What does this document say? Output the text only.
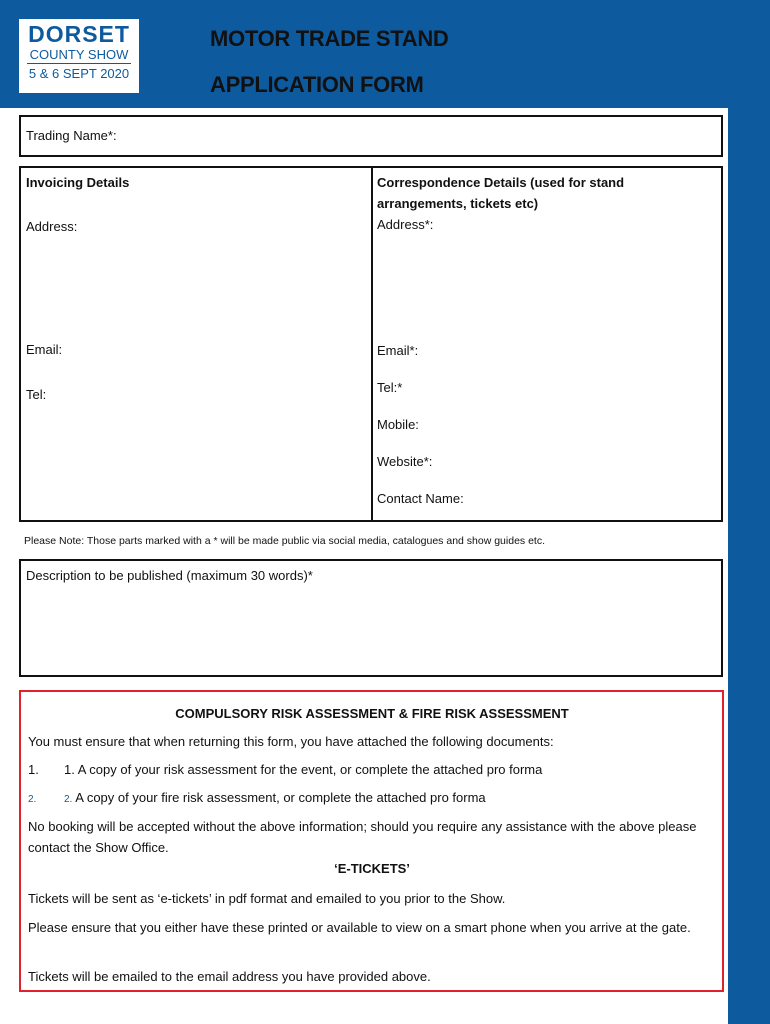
DORSET
COUNTY SHOW
5 & 6 SEPT 2020
MOTOR TRADE STAND
APPLICATION FORM
Trading Name*:
Invoicing Details
Address:
Email:
Tel:
Correspondence Details (used for stand
arrangements, tickets etc)
Address*:
Email*:
Tel:*
Mobile:
Website*:
Contact Name:
Please Note: Those parts marked with a * will be made public via social media, catalogues and show guides etc.
Description to be published (maximum 30 words)*
COMPULSORY RISK ASSESSMENT & FIRE RISK ASSESSMENT
You must ensure that when returning this form, you have attached the following documents:
1. 1. A copy of your risk assessment for the event, or complete the attached pro forma
2.	2. A copy of your fire risk assessment, or complete the attached pro forma
No booking will be accepted without the above information; should you require any assistance with the above please contact the Show Office.
‘E-TICKETS’
Tickets will be sent as ‘e-tickets’ in pdf format and emailed to you prior to the Show.
Please ensure that you either have these printed or available to view on a smart phone when you arrive at the gate.
Tickets will be emailed to the email address you have provided above.
